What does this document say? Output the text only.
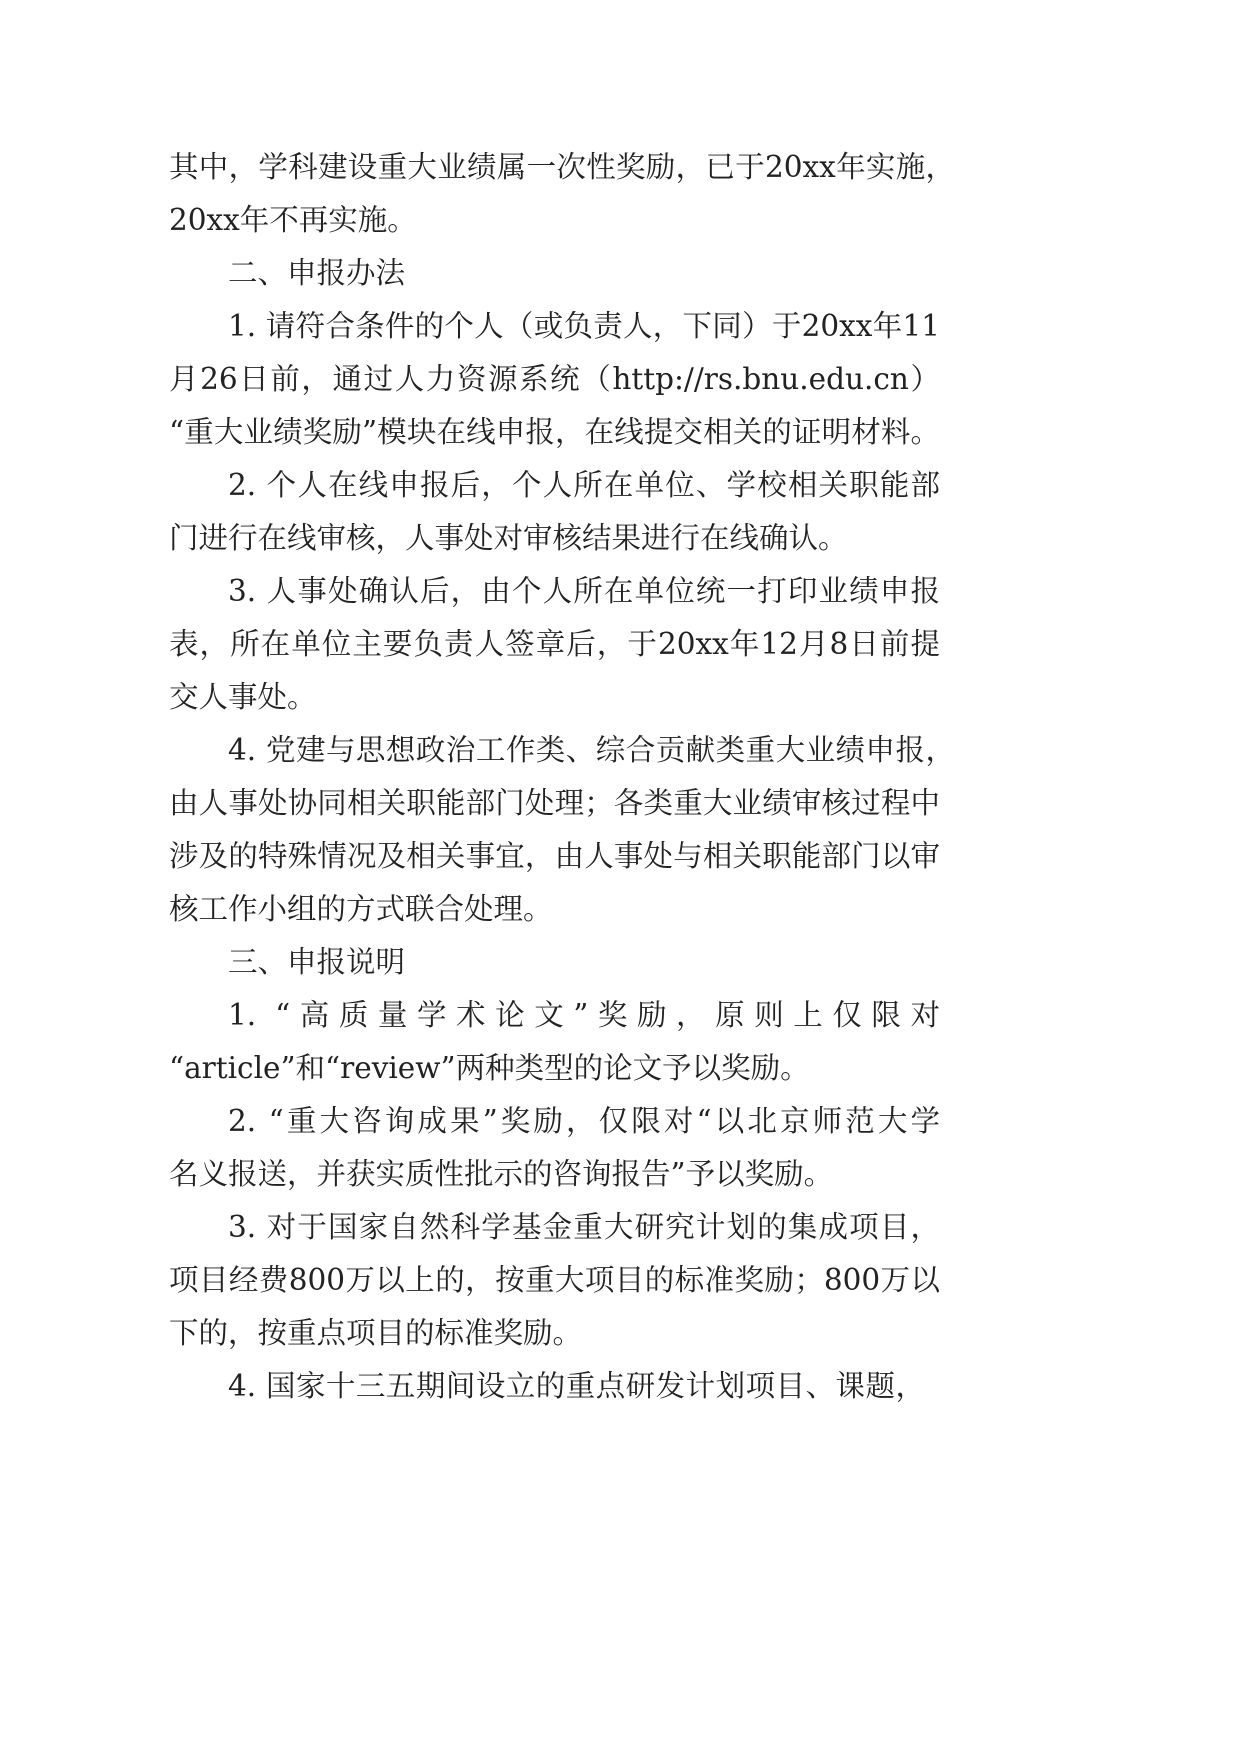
其中，学科建设重大业绩属一次性奖励，已于20xx年实施，

20xx年不再实施。

二、申报办法

1. 请符合条件的个人（或负责人，下同）于20xx年11

月26日前，通过人力资源系统（http://rs.bnu.edu.cn）

“重大业绩奖励”模块在线申报，在线提交相关的证明材料。

2. 个人在线申报后，个人所在单位、学校相关职能部

门进行在线审核，人事处对审核结果进行在线确认。

3. 人事处确认后，由个人所在单位统一打印业绩申报

表，所在单位主要负责人签章后，于20xx年12月8日前提

交人事处。

4. 党建与思想政治工作类、综合贡献类重大业绩申报，

由人事处协同相关职能部门处理；各类重大业绩审核过程中

涉及的特殊情况及相关事宜，由人事处与相关职能部门以审

核工作小组的方式联合处理。

三、申报说明

1. “高质量学术论文”奖励，原则上仅限对

“article”和“review”两种类型的论文予以奖励。

2. “重大咨询成果”奖励，仅限对“以北京师范大学

名义报送，并获实质性批示的咨询报告”予以奖励。

3. 对于国家自然科学基金重大研究计划的集成项目，

项目经费800万以上的，按重大项目的标准奖励；800万以

下的，按重点项目的标准奖励。

4. 国家十三五期间设立的重点研发计划项目、课题，
